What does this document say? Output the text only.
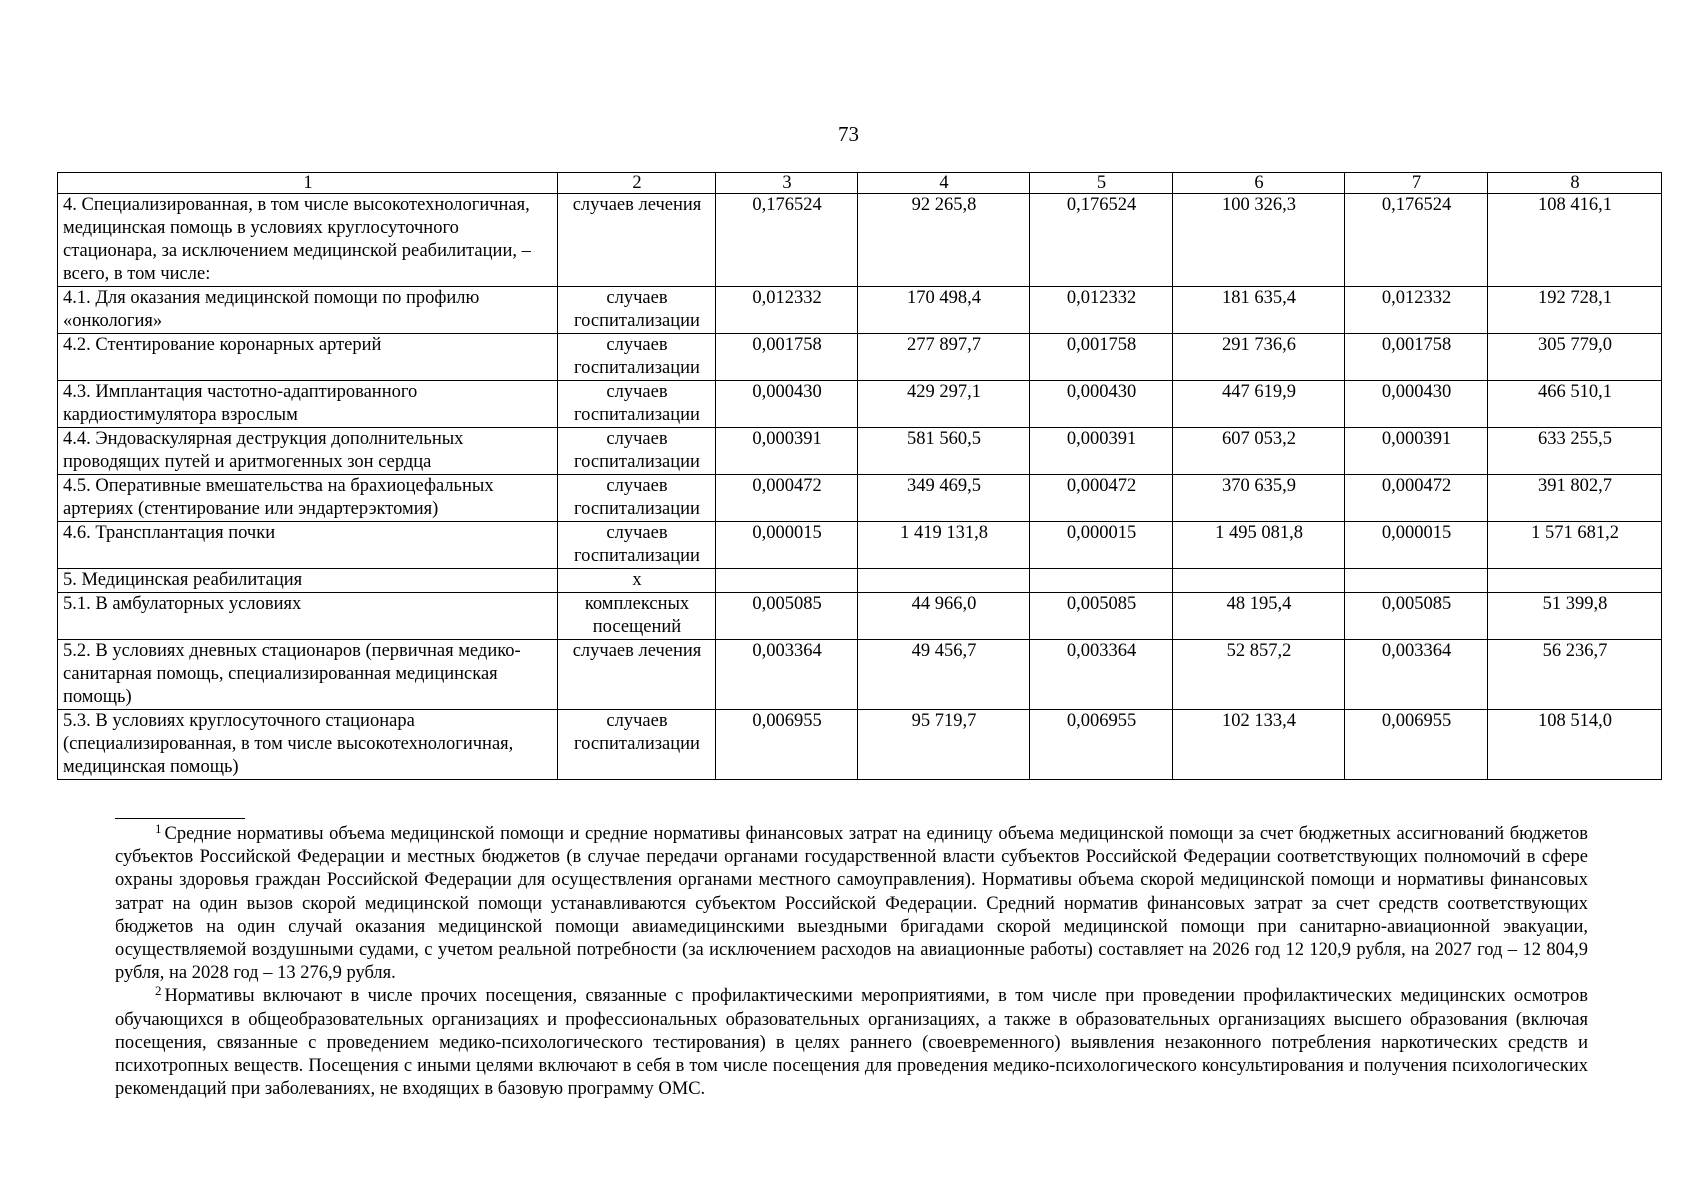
73
1	2	3	4	5	6	7	8
4. Специализированная, в том числе высокотехнологичная, медицинская помощь в условиях круглосуточного стационара, за исключением медицинской реабилитации, – всего, в том числе:	случаев лечения	0,176524	92 265,8	0,176524	100 326,3	0,176524	108 416,1
4.1. Для оказания медицинской помощи по профилю «онкология»	случаев госпитализации	0,012332	170 498,4	0,012332	181 635,4	0,012332	192 728,1
4.2. Стентирование коронарных артерий	случаев госпитализации	0,001758	277 897,7	0,001758	291 736,6	0,001758	305 779,0
4.3. Имплантация частотно-адаптированного кардиостимулятора взрослым	случаев госпитализации	0,000430	429 297,1	0,000430	447 619,9	0,000430	466 510,1
4.4. Эндоваскулярная деструкция дополнительных проводящих путей и аритмогенных зон сердца	случаев госпитализации	0,000391	581 560,5	0,000391	607 053,2	0,000391	633 255,5
4.5. Оперативные вмешательства на брахиоцефальных артериях (стентирование или эндартерэктомия)	случаев госпитализации	0,000472	349 469,5	0,000472	370 635,9	0,000472	391 802,7
4.6. Трансплантация почки	случаев госпитализации	0,000015	1 419 131,8	0,000015	1 495 081,8	0,000015	1 571 681,2
5. Медицинская реабилитация	х						
5.1. В амбулаторных условиях	комплексных посещений	0,005085	44 966,0	0,005085	48 195,4	0,005085	51 399,8
5.2. В условиях дневных стационаров (первичная медико-санитарная помощь, специализированная медицинская помощь)	случаев лечения	0,003364	49 456,7	0,003364	52 857,2	0,003364	56 236,7
5.3. В условиях круглосуточного стационара (специализированная, в том числе высокотехнологичная, медицинская помощь)	случаев госпитализации	0,006955	95 719,7	0,006955	102 133,4	0,006955	108 514,0

$^1$ Средние нормативы объема медицинской помощи и средние нормативы финансовых затрат на единицу объема медицинской помощи за счет бюджетных ассигнований бюджетов субъектов Российской Федерации и местных бюджетов (в случае передачи органами государственной власти субъектов Российской Федерации соответствующих полномочий в сфере охраны здоровья граждан Российской Федерации для осуществления органами местного самоуправления). Нормативы объема скорой медицинской помощи и нормативы финансовых затрат на один вызов скорой медицинской помощи устанавливаются субъектом Российской Федерации. Средний норматив финансовых затрат за счет средств соответствующих бюджетов на один случай оказания медицинской помощи авиамедицинскими выездными бригадами скорой медицинской помощи при санитарно-авиационной эвакуации, осуществляемой воздушными судами, с учетом реальной потребности (за исключением расходов на авиационные работы) составляет на 2026 год 12 120,9 рубля, на 2027 год – 12 804,9 рубля, на 2028 год – 13 276,9 рубля.

$^2$ Нормативы включают в числе прочих посещения, связанные с профилактическими мероприятиями, в том числе при проведении профилактических медицинских осмотров обучающихся в общеобразовательных организациях и профессиональных образовательных организациях, а также в образовательных организациях высшего образования (включая посещения, связанные с проведением медико-психологического тестирования) в целях раннего (своевременного) выявления незаконного потребления наркотических средств и психотропных веществ. Посещения с иными целями включают в себя в том числе посещения для проведения медико-психологического консультирования и получения психологических рекомендаций при заболеваниях, не входящих в базовую программу ОМС.
